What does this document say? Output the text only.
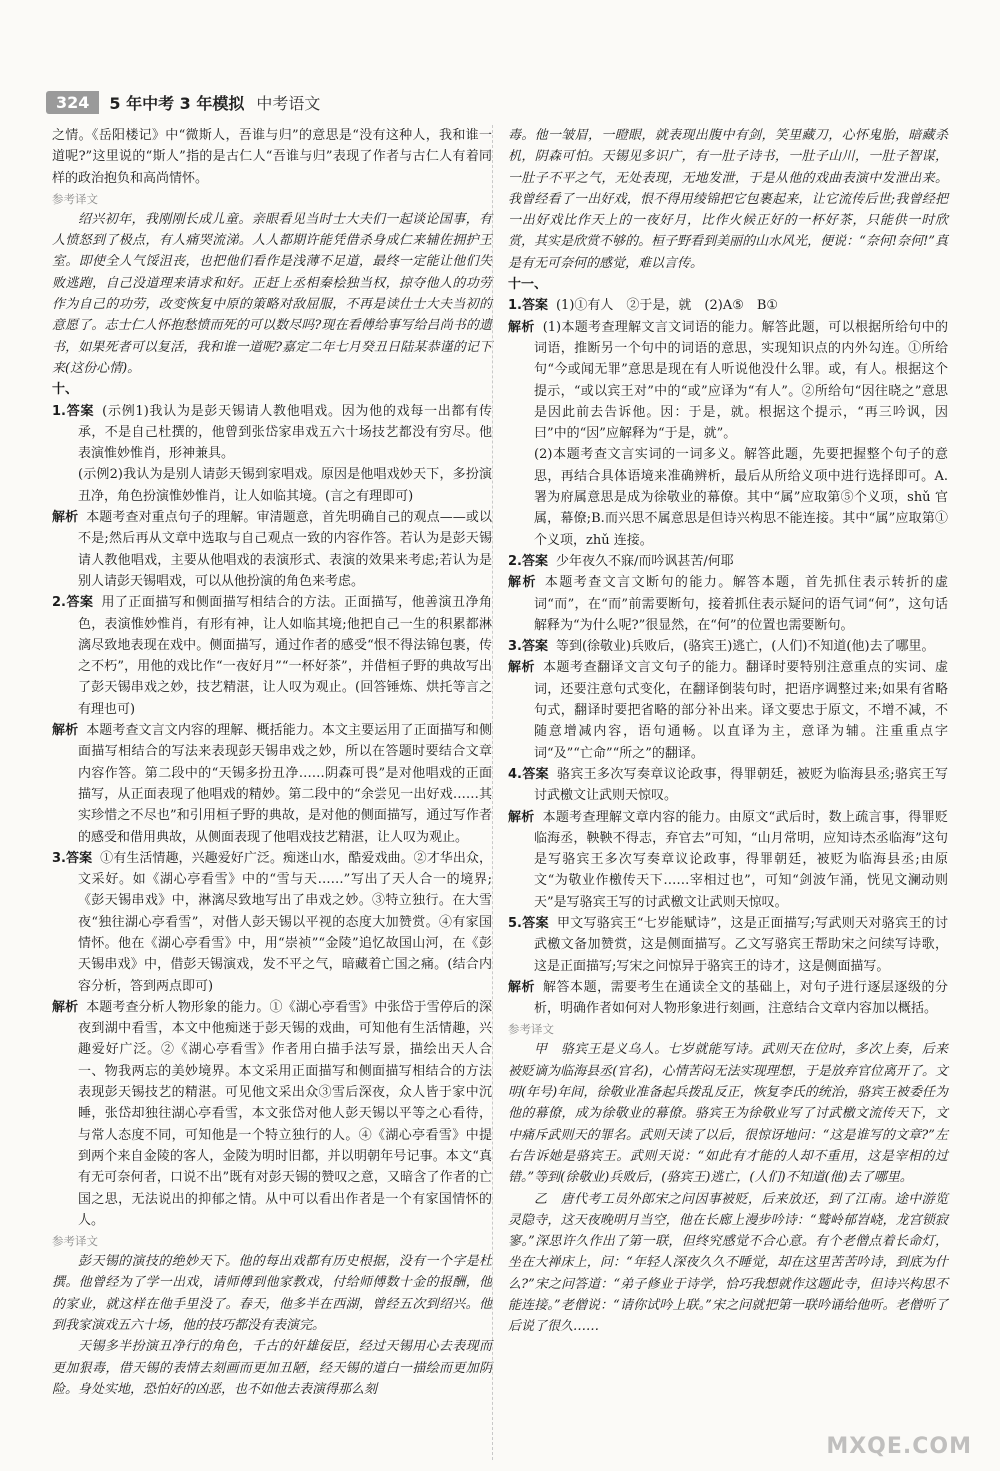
324	5 年中考 3 年模拟 中考语文

之情。《岳阳楼记》中“微斯人，吾谁与归”的意思是“没有这种人，我和谁一道呢?”这里说的“斯人”指的是古仁人“吾谁与归”表现了作者与古仁人有着同样的政治抱负和高尚情怀。

参考译文

绍兴初年，我刚刚长成儿童。亲眼看见当时士大夫们一起谈论国事，有人愤怒到了极点，有人痛哭流涕。人人都期许能凭借杀身成仁来辅佐拥护王室。即使全人气馁沮丧，也把他们看作是浅薄不足道，最终一定能让他们失败逃跑，自己没道理来请求和好。正赶上丞相秦桧独当权，掠夺他人的功劳作为自己的功劳，改变恢复中原的策略对敌屈服，不再是读仕士大夫当初的意愿了。志士仁人怀抱愁愤而死的可以数尽吗?现在看傅给事写给吕尚书的遗书，如果死者可以复活，我和谁一道呢?嘉定二年七月癸丑日陆某恭谨的记下来(这份心情)。

十、

1.答案 (示例1)我认为是彭天锡请人教他唱戏。因为他的戏每一出都有传承，不是自己杜撰的，他曾到张岱家串戏五六十场技艺都没有穷尽。他表演惟妙惟肖，形神兼具。

(示例2)我认为是别人请彭天锡到家唱戏。原因是他唱戏妙天下，多扮演丑净，角色扮演惟妙惟肖，让人如临其境。(言之有理即可)

解析 本题考查对重点句子的理解。审清题意，首先明确自己的观点——或以不是;然后再从文章中选取与自己观点一致的内容作答。若认为是彭天锡请人教他唱戏，主要从他唱戏的表演形式、表演的效果来考虑;若认为是别人请彭天锡唱戏，可以从他扮演的角色来考虑。

2.答案 用了正面描写和侧面描写相结合的方法。正面描写，他善演丑净角色，表演惟妙惟肖，有形有神，让人如临其境;他把自己一生的积累都淋漓尽致地表现在戏中。侧面描写，通过作者的感受“恨不得法锦包裹，传之不朽”，用他的戏比作“一夜好月”“一杯好茶”，并借桓子野的典故写出了彭天锡串戏之妙，技艺精湛，让人叹为观止。(回答锤炼、烘托等言之有理也可)

解析 本题考查文言文内容的理解、概括能力。本文主要运用了正面描写和侧面描写相结合的写法来表现彭天锡串戏之妙，所以在答题时要结合文章内容作答。第二段中的“天锡多扮丑净……阴森可畏”是对他唱戏的正面描写，从正面表现了他唱戏的精妙。第二段中的“余尝见一出好戏……其实珍惜之不尽也”和引用桓子野的典故，是对他的侧面描写，通过写作者的感受和借用典故，从侧面表现了他唱戏技艺精湛，让人叹为观止。

3.答案 ①有生活情趣，兴趣爱好广泛。痴迷山水，酷爱戏曲。②才华出众，文采好。如《湖心亭看雪》中的“雪与天……”写出了天人合一的境界;《彭天锡串戏》中，淋漓尽致地写出了串戏之妙。③特立独行。在大雪夜“独往湖心亭看雪”，对偕人彭天锡以平视的态度大加赞赏。④有家国情怀。他在《湖心亭看雪》中，用“崇祯”“金陵”追忆故国山河，在《彭天锡串戏》中，借彭天锡演戏，发不平之气，暗藏着亡国之痛。(结合内容分析，答到两点即可)

解析 本题考查分析人物形象的能力。①《湖心亭看雪》中张岱于雪停后的深夜到湖中看雪，本文中他痴迷于彭天锡的戏曲，可知他有生活情趣，兴趣爱好广泛。②《湖心亭看雪》作者用白描手法写景，描绘出天人合一、物我两忘的美妙境界。本文采用正面描写和侧面描写相结合的方法表现彭天锡技艺的精湛。可见他文采出众③雪后深夜，众人皆于家中沉睡，张岱却独往湖心亭看雪，本文张岱对他人彭天锡以平等之心看待，与常人态度不同，可知他是一个特立独行的人。④《湖心亭看雪》中提到两个来自金陵的客人，金陵为明时旧都，并以明朝年号记事。本文“真有无可奈何者，口说不出”既有对彭天锡的赞叹之意，又暗含了作者的亡国之思，无法说出的抑郁之情。从中可以看出作者是一个有家国情怀的人。

参考译文

彭天锡的演技的绝妙天下。他的每出戏都有历史根据，没有一个字是杜撰。他曾经为了学一出戏，请师傅到他家教戏，付给师傅数十金的报酬，他的家业，就这样在他手里没了。春天，他多半在西湖，曾经五次到绍兴。他到我家演戏五六十场，他的技巧都没有表演完。

天锡多半扮演丑净行的角色，千古的奸雄佞臣，经过天锡用心去表现而更加狠毒，借天锡的表情去刻画而更加丑陋，经天锡的道白一描绘而更加阴险。身处实地，恐怕好的凶恶，也不如他去表演得那么刻

毒。他一皱眉，一瞪眼，就表现出腹中有剑，笑里藏刀，心怀鬼胎，暗藏杀机，阴森可怕。天锡见多识广，有一肚子诗书，一肚子山川，一肚子智谋，一肚子不平之气，无处表现，无地发泄，于是从他的戏曲表演中发泄出来。我曾经看了一出好戏，恨不得用绫锦把它包裹起来，让它流传后世;我曾经把一出好戏比作天上的一夜好月，比作火候正好的一杯好茶，只能供一时欣赏，其实是欣赏不够的。桓子野看到美丽的山水风光，便说：“奈何!奈何!”真是有无可奈何的感觉，难以言传。

十一、

1.答案 (1)①有人　②于是，就　(2)A⑤　B①

解析 (1)本题考查理解文言文词语的能力。解答此题，可以根据所给句中的词语，推断另一个句中的词语的意思，实现知识点的内外勾连。①所给句“今或闻无罪”意思是现在有人听说他没什么罪。或，有人。根据这个提示，“或以宾王对”中的“或”应译为“有人”。②所给句“因往晓之”意思是因此前去告诉他。因：于是，就。根据这个提示，“再三吟讽，因曰”中的“因”应解释为“于是，就”。

(2)本题考查文言实词的一词多义。解答此题，先要把握整个句子的意思，再结合具体语境来准确辨析，最后从所给义项中进行选择即可。A.署为府属意思是成为徐敬业的幕僚。其中“属”应取第⑤个义项，shǔ 官属，幕僚;B.而兴思不属意思是但诗兴构思不能连接。其中“属”应取第①个义项，zhǔ 连接。

2.答案 少年夜久不寐/而吟讽甚苦/何耶

解析 本题考查文言文断句的能力。解答本题，首先抓住表示转折的虚词“而”，在“而”前需要断句，接着抓住表示疑问的语气词“何”，这句话解释为“为什么呢?”很显然，在“何”的位置也需要断句。

3.答案 等到(徐敬业)兵败后，(骆宾王)逃亡，(人们)不知道(他)去了哪里。

解析 本题考查翻译文言文句子的能力。翻译时要特别注意重点的实词、虚词，还要注意句式变化，在翻译倒装句时，把语序调整过来;如果有省略句式，翻译时要把省略的部分补出来。译文要忠于原文，不增不减，不随意增减内容，语句通畅。以直译为主，意译为辅。注重重点字词“及”“亡命”“所之”的翻译。

4.答案 骆宾王多次写奏章议论政事，得罪朝廷，被贬为临海县丞;骆宾王写讨武檄文让武则天惊叹。

解析 本题考查理解文章内容的能力。由原文“武后时，数上疏言事，得罪贬临海丞，鞅鞅不得志，弃官去”可知，“山月常明，应知诗杰丞临海”这句是写骆宾王多次写奏章议论政事，得罪朝廷，被贬为临海县丞;由原文“为敬业作檄传天下……宰相过也”，可知“剑波乍涌，恍见文澜动则天”是写骆宾王写的讨武檄文让武则天惊叹。

5.答案 甲文写骆宾王“七岁能赋诗”，这是正面描写;写武则天对骆宾王的讨武檄文备加赞赏，这是侧面描写。乙文写骆宾王帮助宋之问续写诗歌，这是正面描写;写宋之问惊异于骆宾王的诗才，这是侧面描写。

解析 解答本题，需要考生在通读全文的基础上，对句子进行逐层逐级的分析，明确作者如何对人物形象进行刻画，注意结合文章内容加以概括。

参考译文

甲　骆宾王是义乌人。七岁就能写诗。武则天在位时，多次上奏，后来被贬谪为临海县丞(官名)，心情苦闷无法实现理想，于是放弃官位离开了。文明(年号)年间，徐敬业准备起兵拨乱反正，恢复李氏的统治，骆宾王被委任为他的幕僚，成为徐敬业的幕僚。骆宾王为徐敬业写了讨武檄文流传天下，文中痛斥武则天的罪名。武则天读了以后，很惊讶地问：“这是谁写的文章?”左右告诉她是骆宾王。武则天说：“如此有才能的人却不重用，这是宰相的过错。”等到(徐敬业)兵败后，(骆宾王)逃亡，(人们)不知道(他)去了哪里。

乙　唐代考工员外郎宋之问因事被贬，后来放还，到了江南。途中游览灵隐寺，这天夜晚明月当空，他在长廊上漫步吟诗：“鹫岭郁岧峣，龙宫锁寂寥。”深思许久作出了第一联，但终究感觉不合心意。有个老僧点着长命灯，坐在大禅床上，问：“年轻人深夜久久不睡觉，却在这里苦苦吟诗，到底为什么?”宋之问答道：“弟子修业于诗学，恰巧我想就作这题此寺，但诗兴构思不能连接。”老僧说：“请你试吟上联。”宋之问就把第一联吟诵给他听。老僧听了后说了很久……

MXQE.COM
